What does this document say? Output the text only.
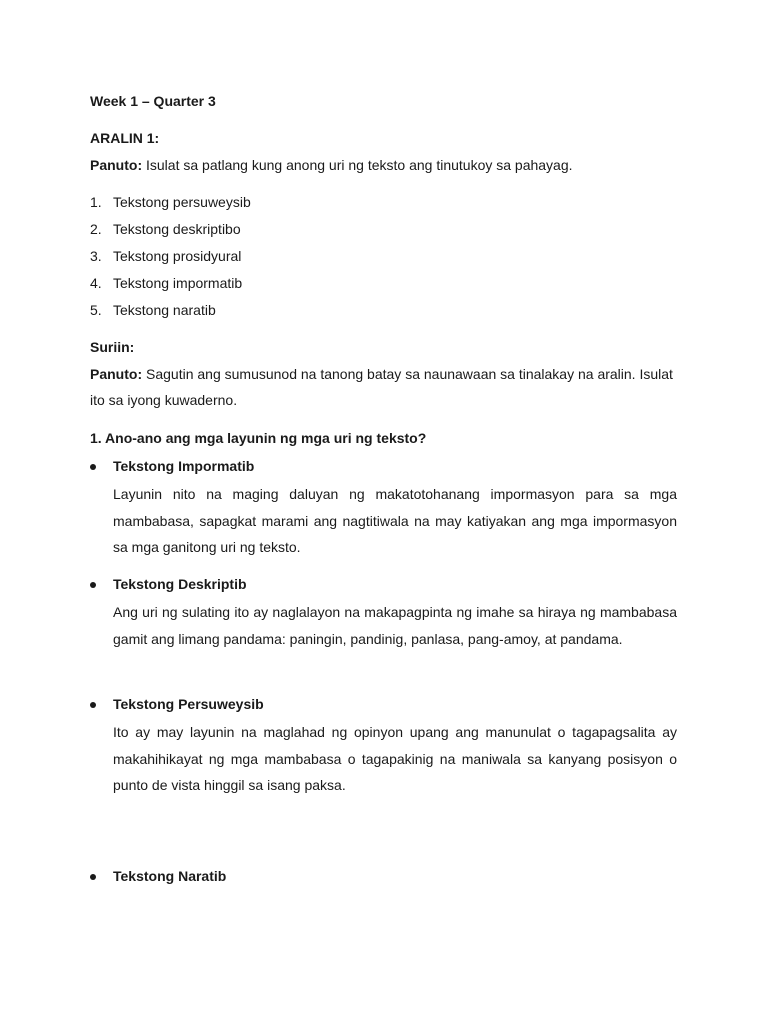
Week 1 – Quarter 3
ARALIN 1:
Panuto: Isulat sa patlang kung anong uri ng teksto ang tinutukoy sa pahayag.
1. Tekstong persuweysib
2. Tekstong deskriptibo
3. Tekstong prosidyural
4. Tekstong impormatib
5. Tekstong naratib
Suriin:
Panuto: Sagutin ang sumusunod na tanong batay sa naunawaan sa tinalakay na aralin. Isulat ito sa iyong kuwaderno.
1. Ano-ano ang mga layunin ng mga uri ng teksto?
Tekstong Impormatib
Layunin nito na maging daluyan ng makatotohanang impormasyon para sa mga mambabasa, sapagkat marami ang nagtitiwala na may katiyakan ang mga impormasyon sa mga ganitong uri ng teksto.
Tekstong Deskriptib
Ang uri ng sulating ito ay naglalayon na makapagpinta ng imahe sa hiraya ng mambabasa gamit ang limang pandama: paningin, pandinig, panlasa, pang-amoy, at pandama.
Tekstong Persuweysib
Ito ay may layunin na maglahad ng opinyon upang ang manunulat o tagapagsalita ay makahihikayat ng mga mambabasa o tagapakinig na maniwala sa kanyang posisyon o punto de vista hinggil sa isang paksa.
Tekstong Naratib
